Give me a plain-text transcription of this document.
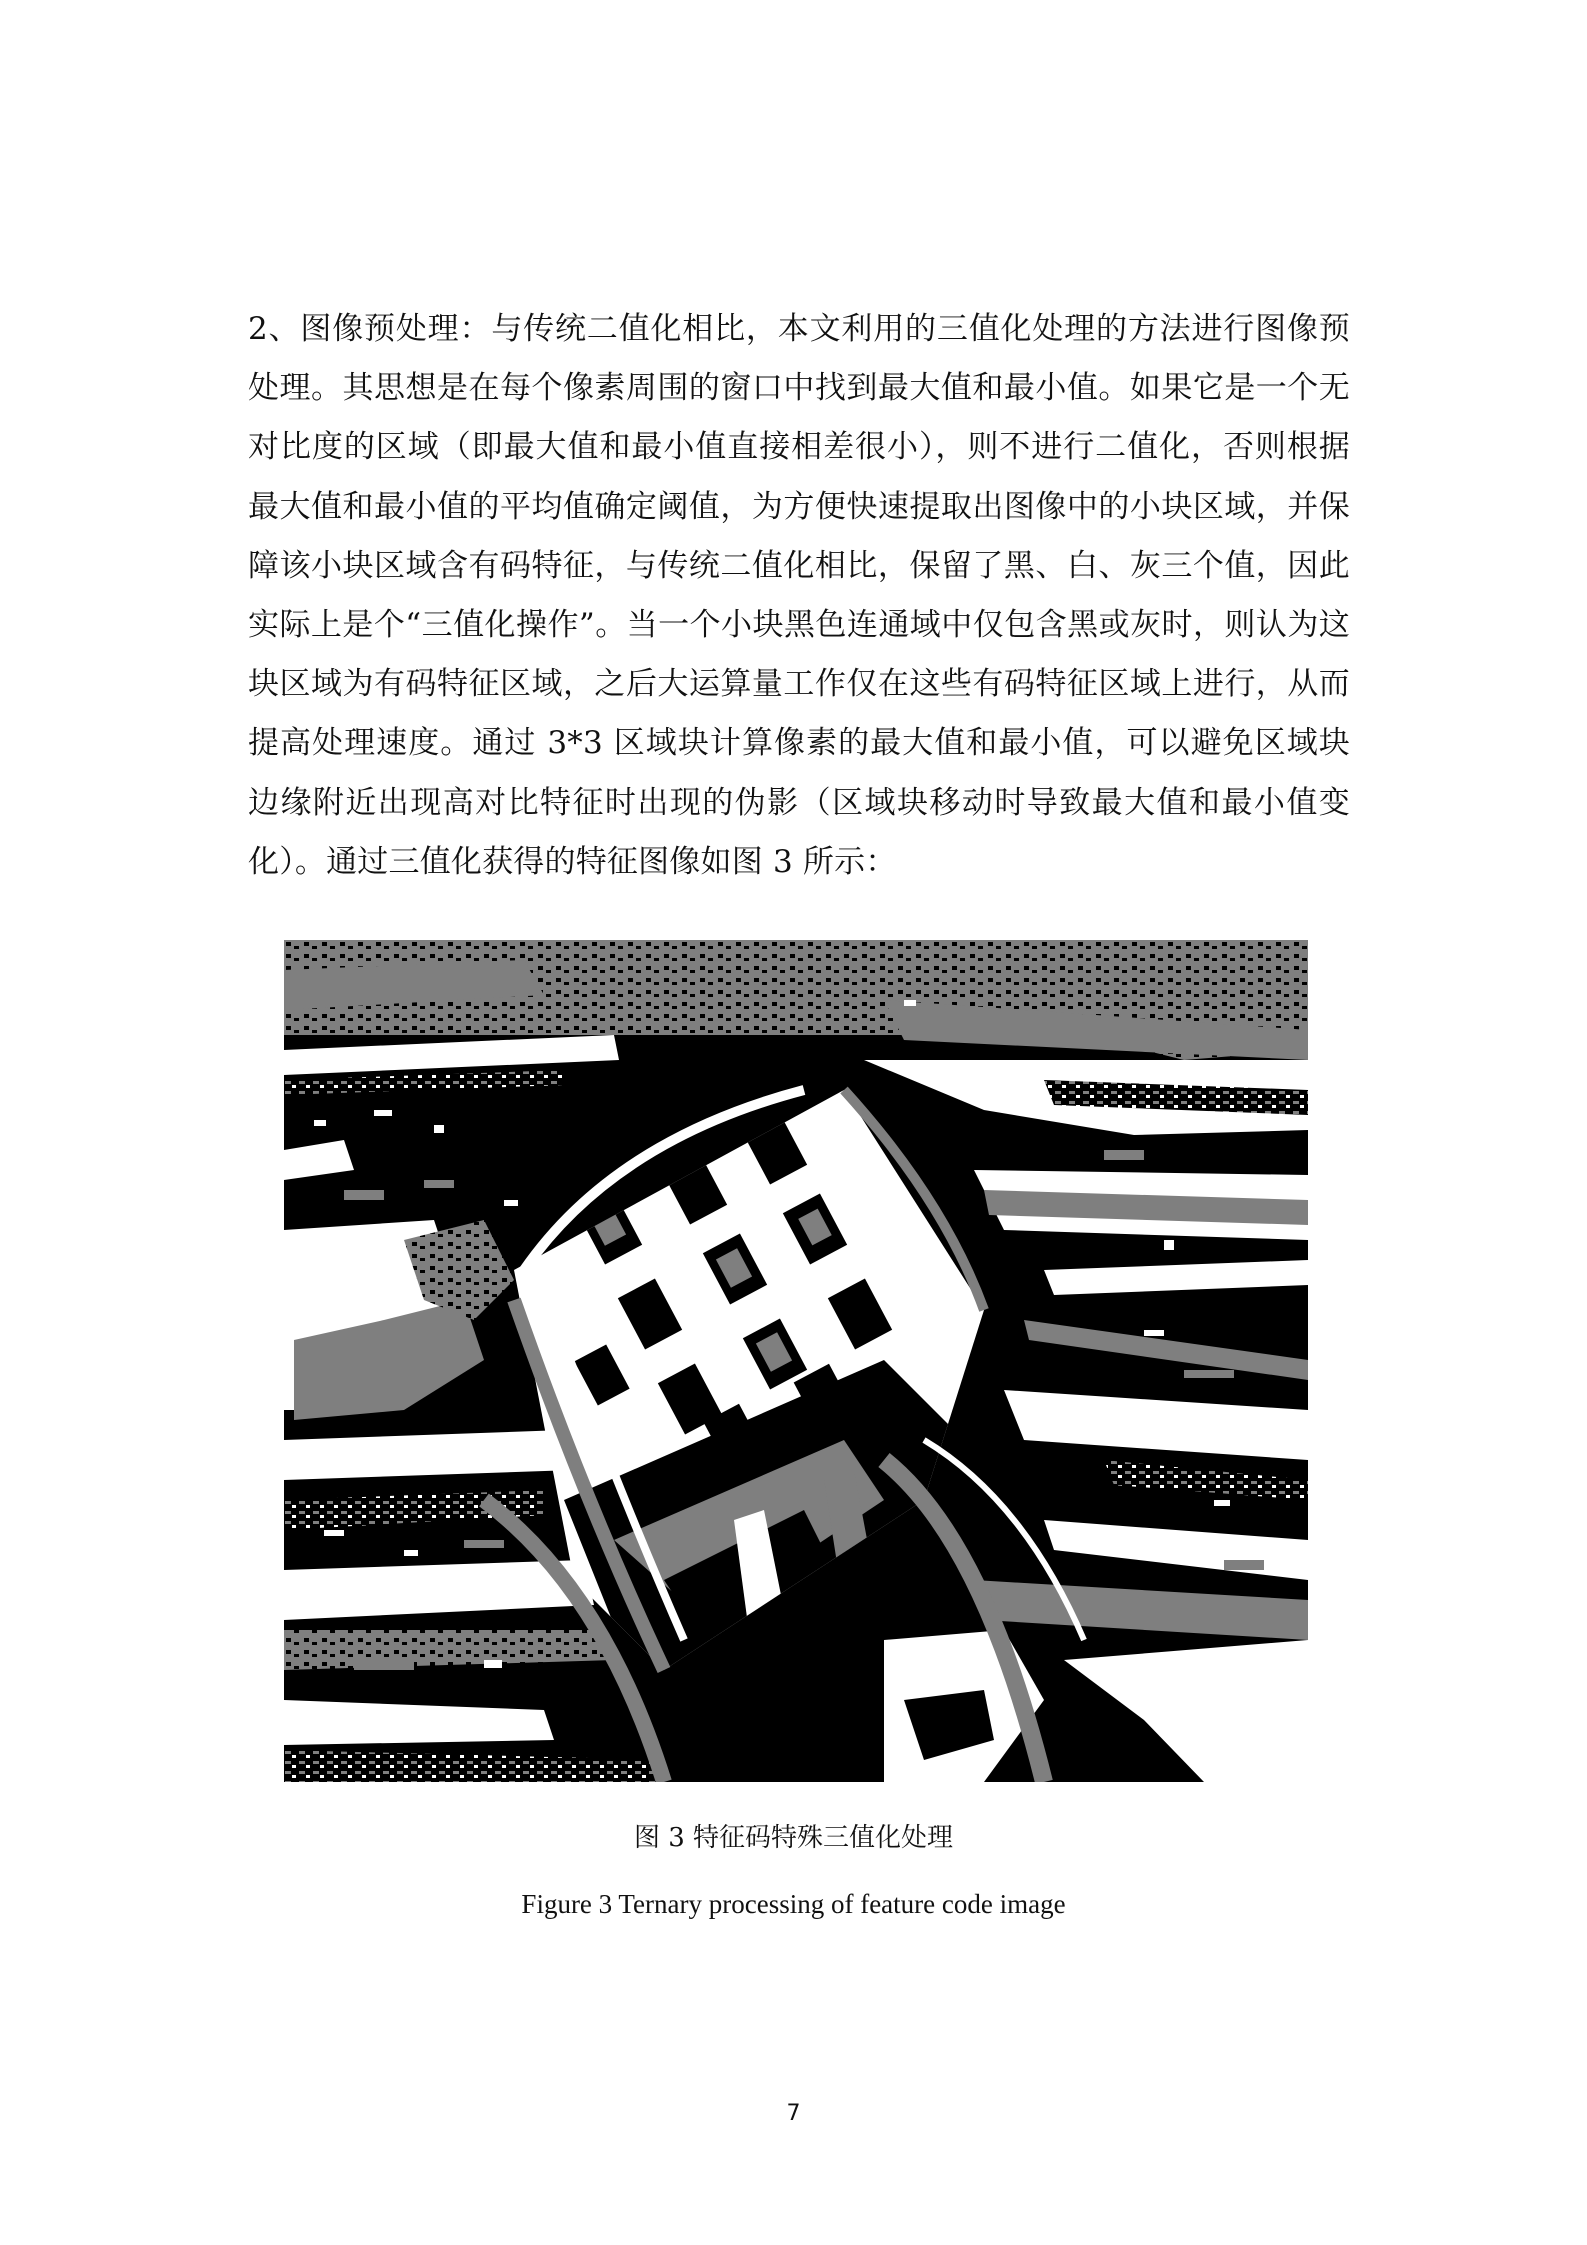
2、图像预处理：与传统二值化相比，本文利用的三值化处理的方法进行图像预处理。其思想是在每个像素周围的窗口中找到最大值和最小值。如果它是一个无对比度的区域（即最大值和最小值直接相差很小），则不进行二值化，否则根据最大值和最小值的平均值确定阈值，为方便快速提取出图像中的小块区域，并保障该小块区域含有码特征，与传统二值化相比，保留了黑、白、灰三个值，因此实际上是个“三值化操作”。当一个小块黑色连通域中仅包含黑或灰时，则认为这块区域为有码特征区域，之后大运算量工作仅在这些有码特征区域上进行，从而提高处理速度。通过 3*3 区域块计算像素的最大值和最小值，可以避免区域块边缘附近出现高对比特征时出现的伪影（区域块移动时导致最大值和最小值变化）。通过三值化获得的特征图像如图 3 所示：

图 3 特征码特殊三值化处理
Figure 3 Ternary processing of feature code image
7
